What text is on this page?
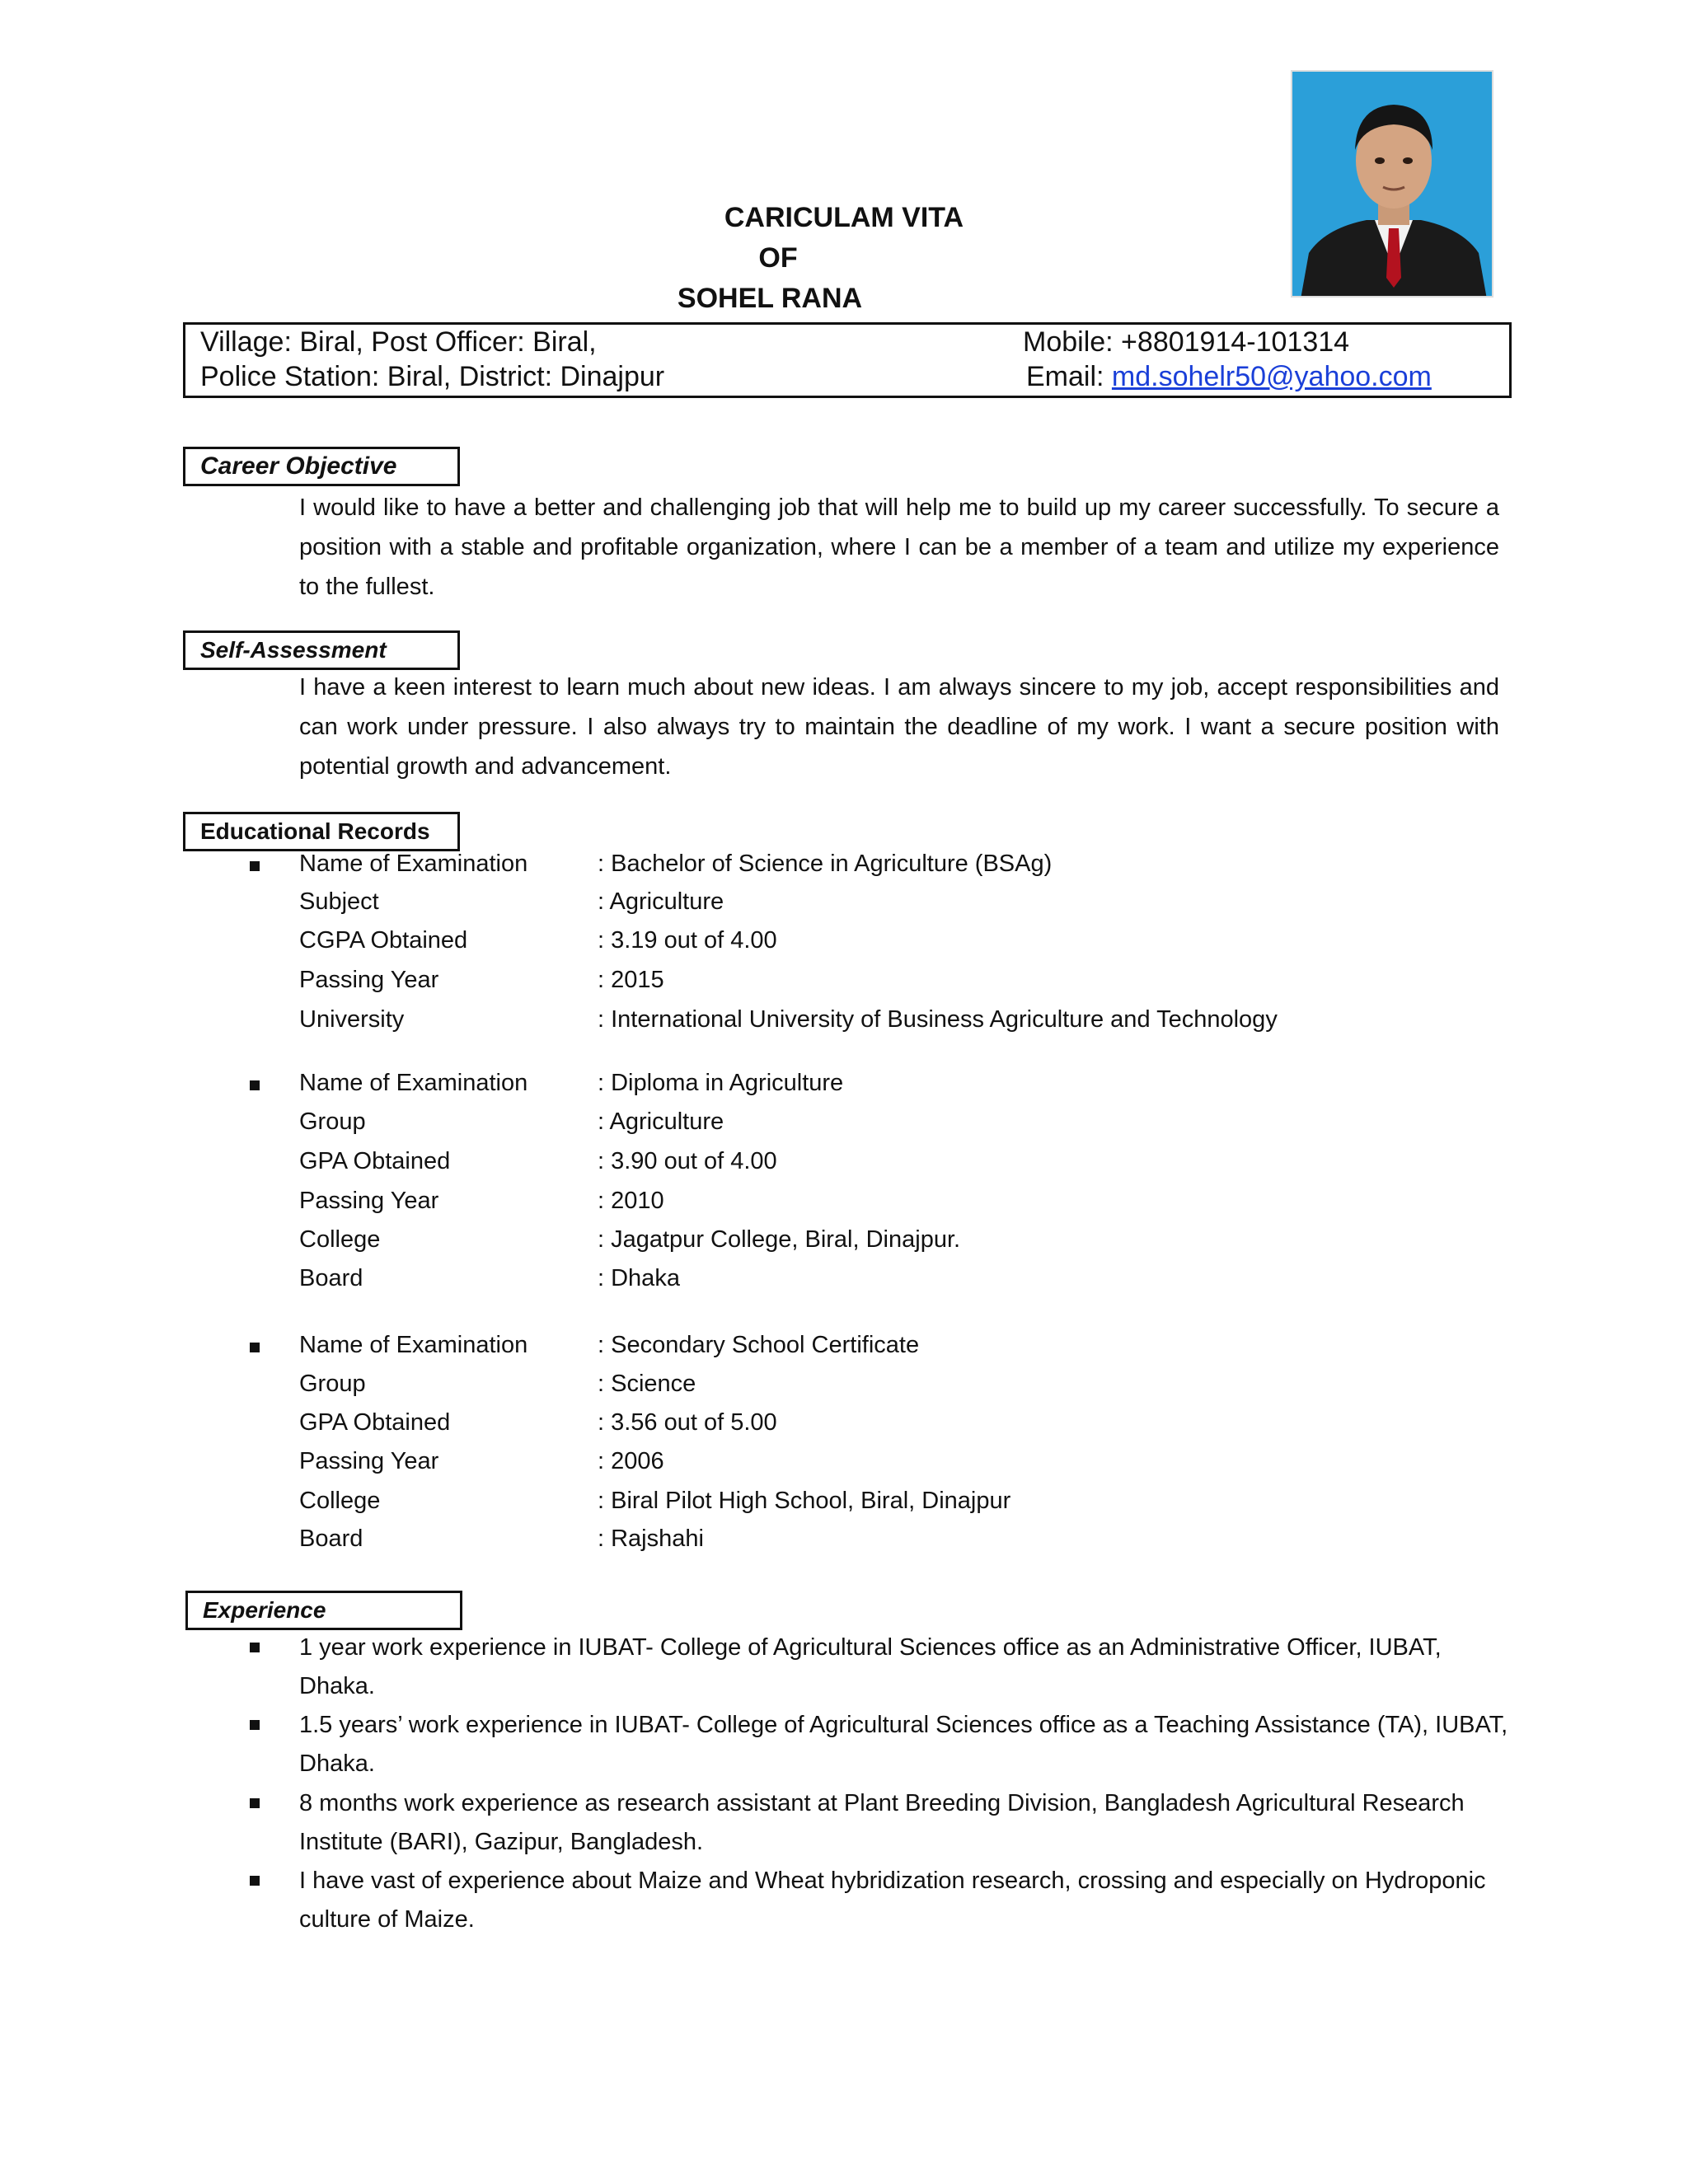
CARICULAM VITA
OF
SOHEL RANA
Village: Biral, Post Officer: Biral,
Police Station: Biral, District: Dinajpur
Mobile: +8801914-101314
Email: md.sohelr50@yahoo.com
Career Objective
I would like to have a better and challenging job that will help me to build up my career successfully. To secure a position with a stable and profitable organization, where I can be a member of a team and utilize my experience to the fullest.
Self-Assessment
I have a keen interest to learn much about new ideas. I am always sincere to my job, accept responsibilities and can work under pressure. I also always try to maintain the deadline of my work. I want a secure position with potential growth and advancement.
Educational Records
Name of Examination	: Bachelor of Science in Agriculture (BSAg)
Subject	: Agriculture
CGPA Obtained	: 3.19 out of 4.00
Passing Year	: 2015
University	: International University of Business Agriculture and Technology
Name of Examination	: Diploma in Agriculture
Group	: Agriculture
GPA Obtained	: 3.90 out of 4.00
Passing Year	: 2010
College	: Jagatpur College, Biral, Dinajpur.
Board	: Dhaka
Name of Examination	: Secondary School Certificate
Group	: Science
GPA Obtained	: 3.56 out of 5.00
Passing Year	: 2006
College	: Biral Pilot High School, Biral, Dinajpur
Board	: Rajshahi
Experience
1 year work experience in IUBAT- College of Agricultural Sciences office as an Administrative Officer, IUBAT, Dhaka.
1.5 years’ work experience in IUBAT- College of Agricultural Sciences office as a Teaching Assistance (TA), IUBAT, Dhaka.
8 months work experience as research assistant at Plant Breeding Division, Bangladesh Agricultural Research Institute (BARI), Gazipur, Bangladesh.
I have vast of experience about Maize and Wheat hybridization research, crossing and especially on Hydroponic culture of Maize.
